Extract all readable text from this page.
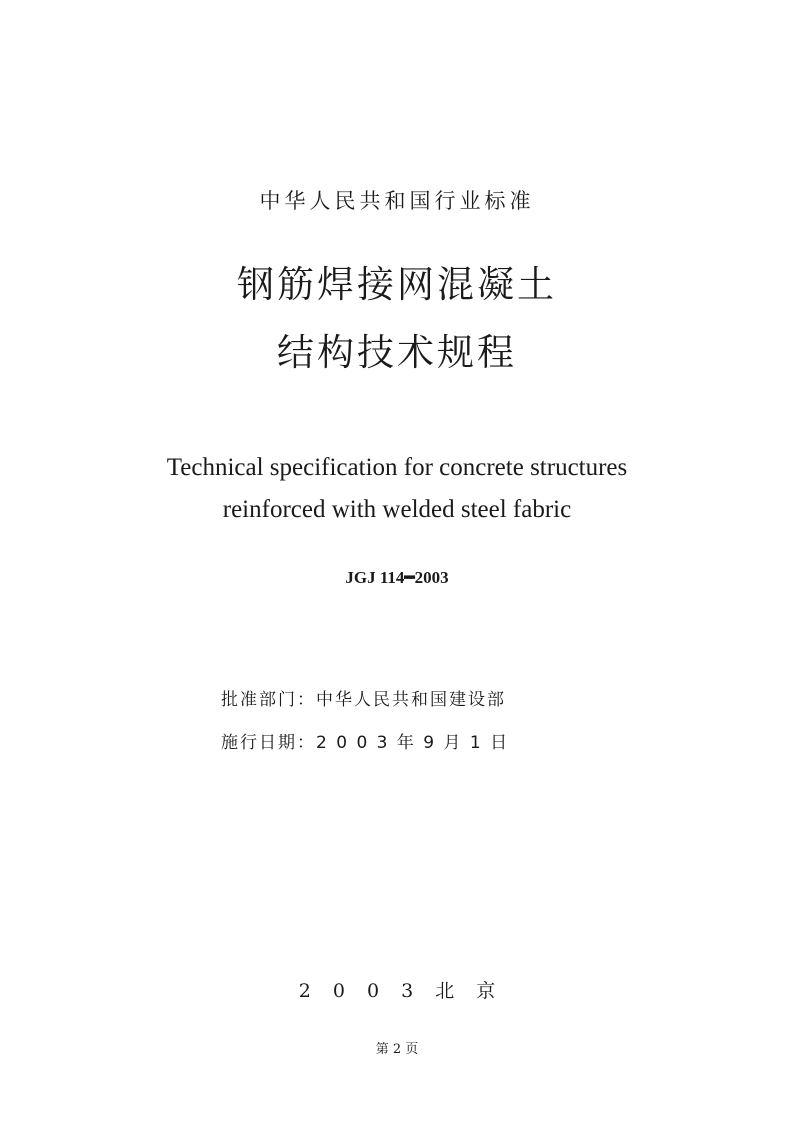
中华人民共和国行业标准
钢筋焊接网混凝土
结构技术规程
Technical specification for concrete structures
reinforced with welded steel fabric
JGJ 114━2003
批准部门：中华人民共和国建设部
施行日期：2 0 0 3 年 9 月 1 日
2 0 0 3 北 京
第 2 页
